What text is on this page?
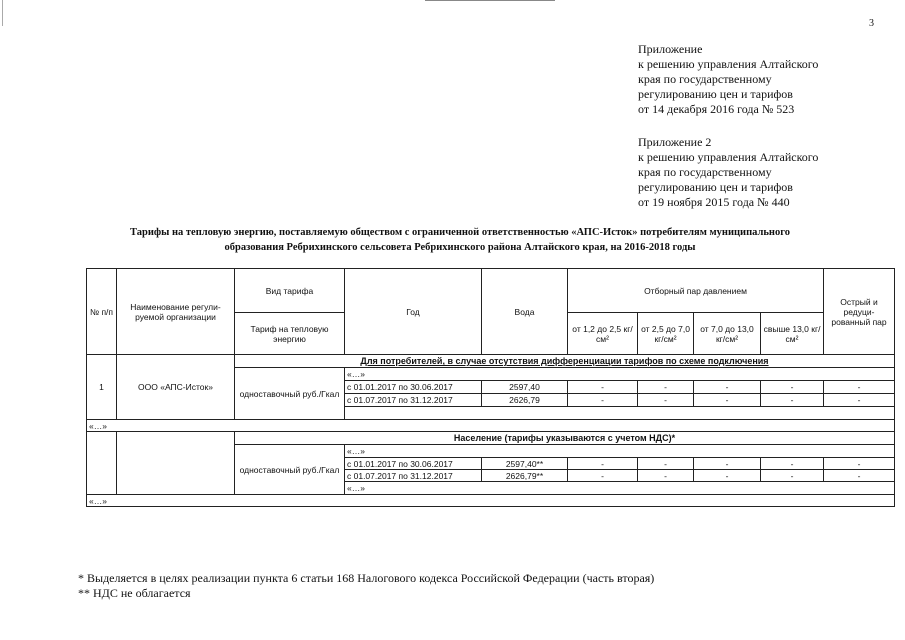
3
Приложение
к решению управления Алтайского
края по государственному
регулированию цен и тарифов
от 14 декабря 2016 года № 523
Приложение 2
к решению управления Алтайского
края по государственному
регулированию цен и тарифов
от 19 ноября 2015 года № 440
Тарифы на тепловую энергию, поставляемую обществом с ограниченной ответственностью «АПС-Исток» потребителям муниципального
образования Ребрихинского сельсовета Ребрихинского района Алтайского края, на 2016-2018 годы
№ п/п	Наименование регули-руемой организации	Вид тарифа	Год	Вода	Отборный пар давлением				Острый и редуци-рованный пар
		Тариф на тепловую энергию			от 1,2 до 2,5 кг/см²	от 2,5 до 7,0 кг/см²	от 7,0 до 13,0 кг/см²	свыше 13,0 кг/см²	
1	ООО «АПС-Исток»	Для потребителей, в случае отсутствия дифференциации тарифов по схеме подключения							
		одноставочный руб./Гкал	«…»						
			с 01.01.2017 по 30.06.2017	2597,40	-	-	-	-	-
			с 01.07.2017 по 31.12.2017	2626,79	-	-	-	-	-

«…»									
		Население (тарифы указываются с учетом НДС)*							
		одноставочный руб./Гкал	«…»						
			с 01.01.2017 по 30.06.2017	2597,40**	-	-	-	-	-
			с 01.07.2017 по 31.12.2017	2626,79**	-	-	-	-	-
			«…»						
«…»									
* Выделяется в целях реализации пункта 6 статьи 168 Налогового кодекса Российской Федерации (часть вторая)
** НДС не облагается
